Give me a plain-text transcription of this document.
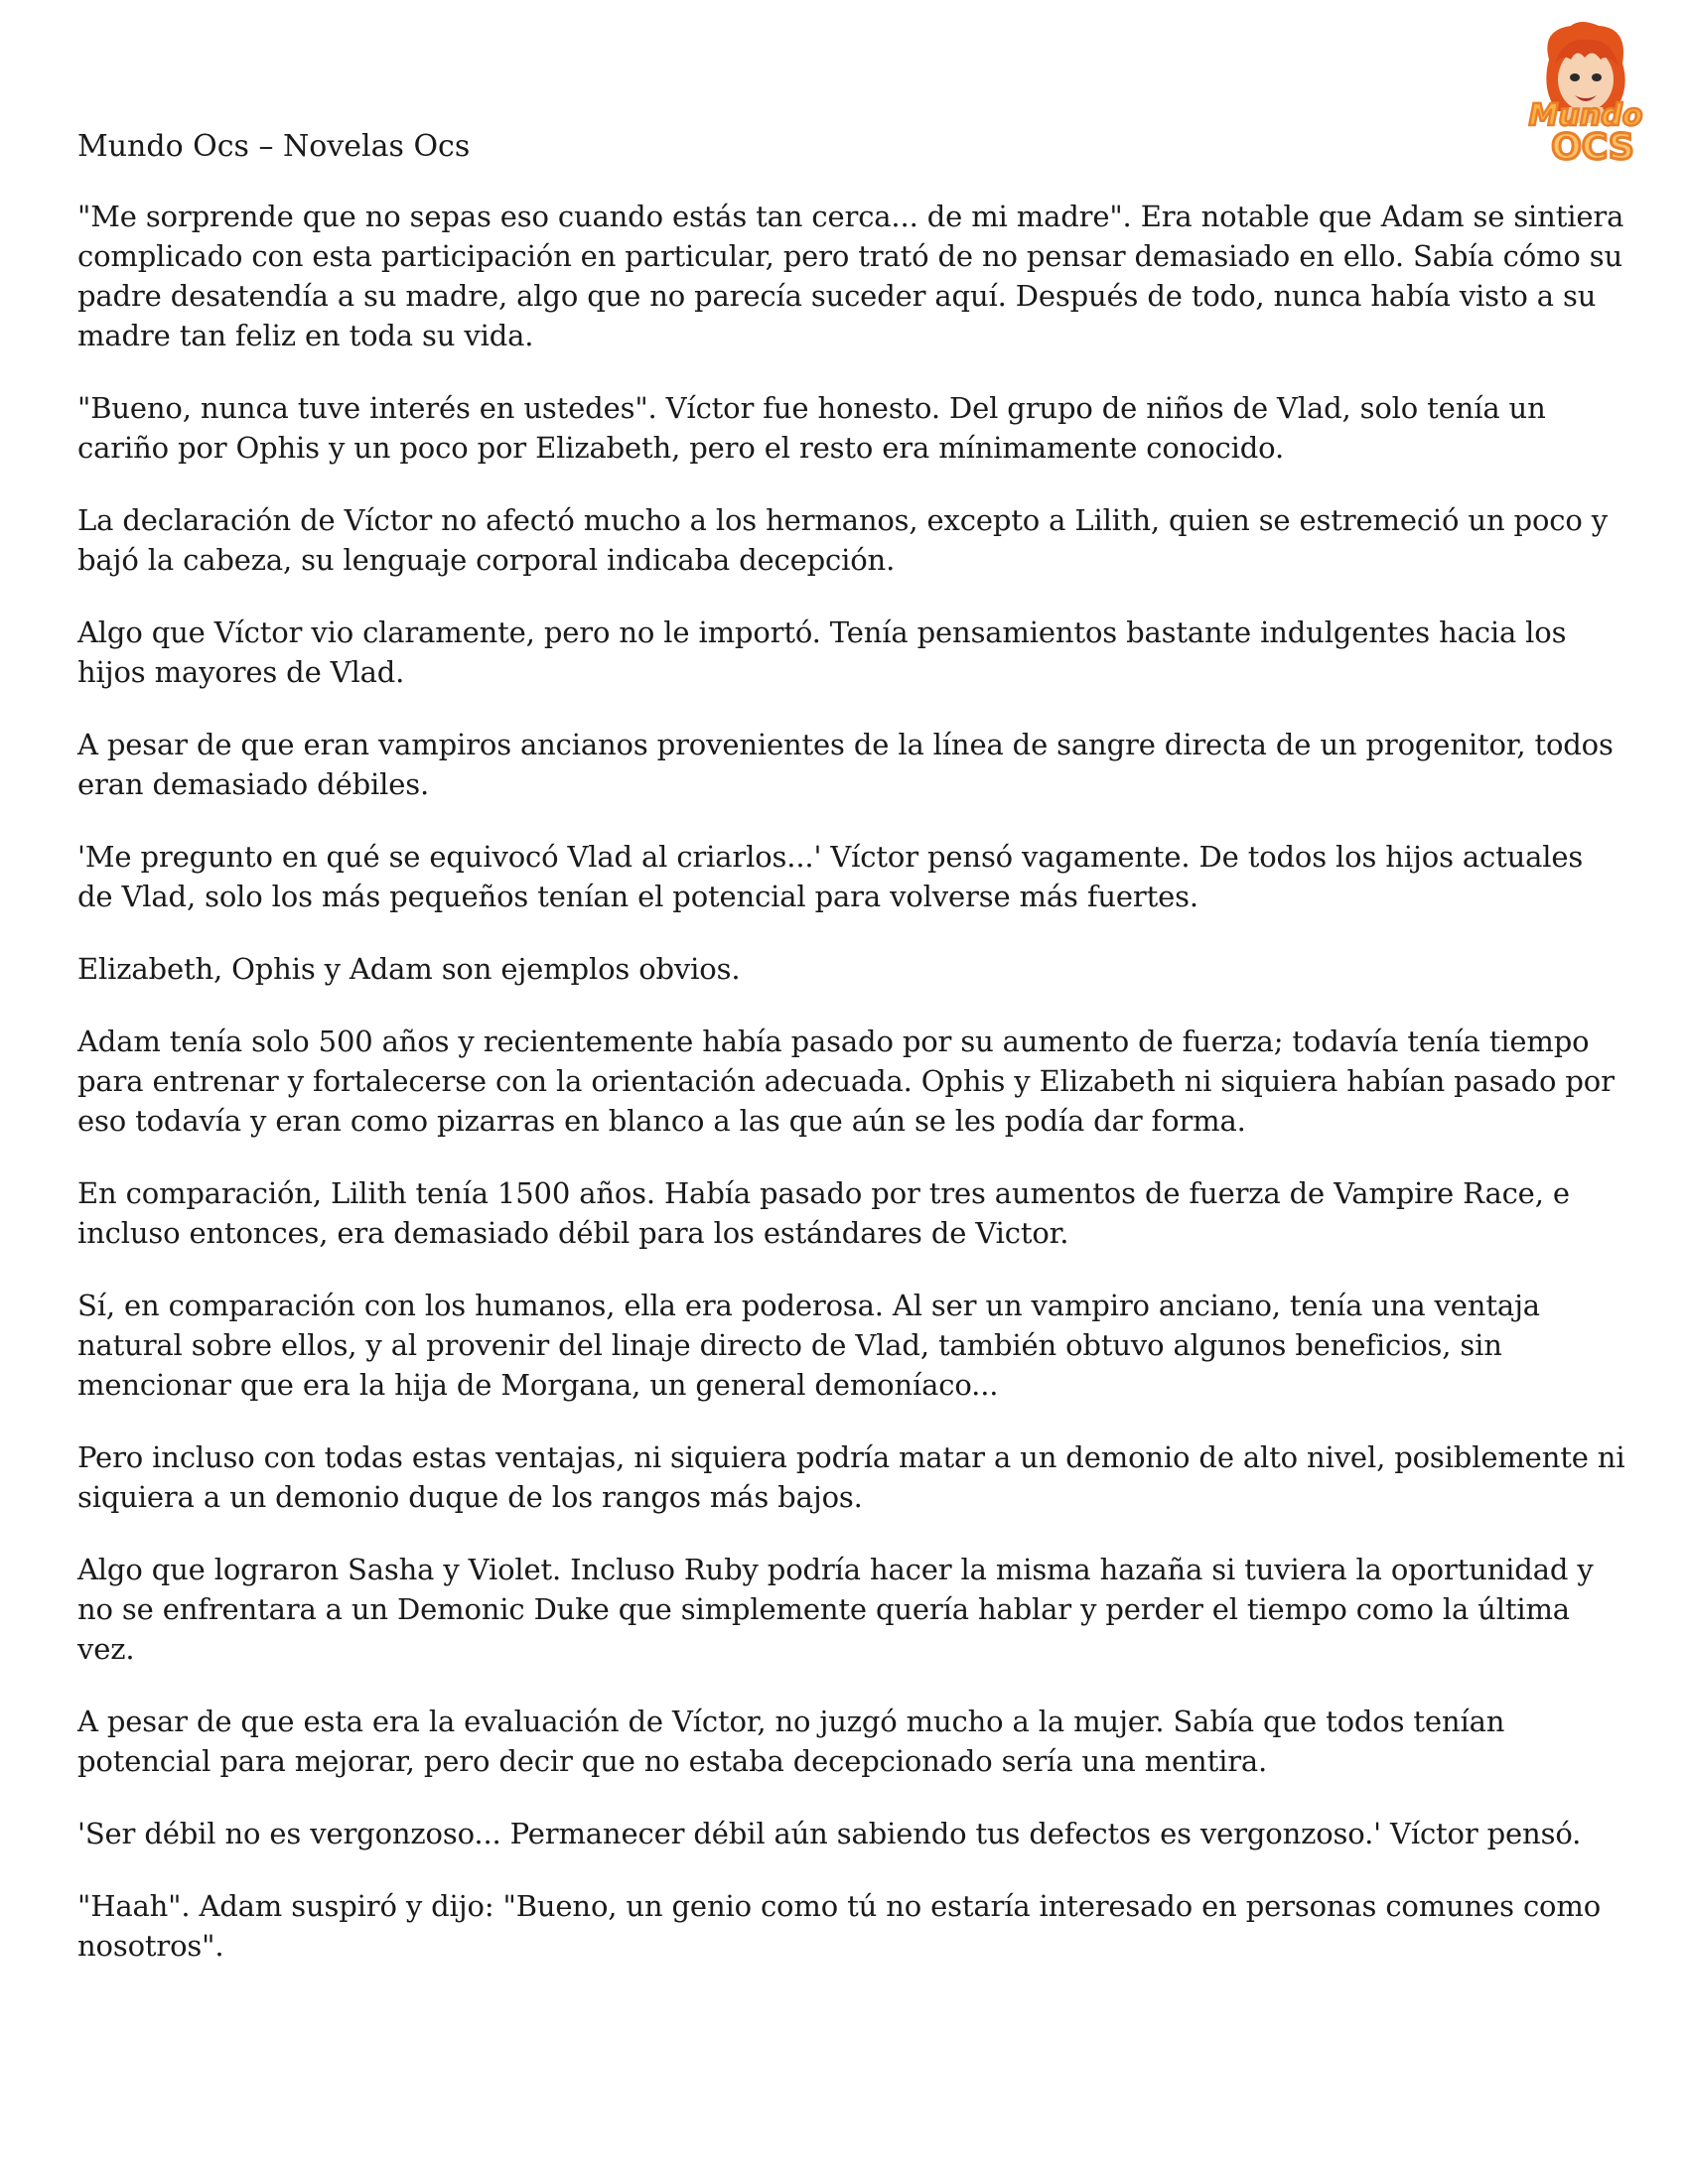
Mundo
OCS
Mundo Ocs – Novelas Ocs

"Me sorprende que no sepas eso cuando estás tan cerca... de mi madre". Era notable que Adam se sintiera complicado con esta participación en particular, pero trató de no pensar demasiado en ello. Sabía cómo su padre desatendía a su madre, algo que no parecía suceder aquí. Después de todo, nunca había visto a su madre tan feliz en toda su vida.

"Bueno, nunca tuve interés en ustedes". Víctor fue honesto. Del grupo de niños de Vlad, solo tenía un cariño por Ophis y un poco por Elizabeth, pero el resto era mínimamente conocido.

La declaración de Víctor no afectó mucho a los hermanos, excepto a Lilith, quien se estremeció un poco y bajó la cabeza, su lenguaje corporal indicaba decepción.

Algo que Víctor vio claramente, pero no le importó. Tenía pensamientos bastante indulgentes hacia los hijos mayores de Vlad.

A pesar de que eran vampiros ancianos provenientes de la línea de sangre directa de un progenitor, todos eran demasiado débiles.

'Me pregunto en qué se equivocó Vlad al criarlos...' Víctor pensó vagamente. De todos los hijos actuales de Vlad, solo los más pequeños tenían el potencial para volverse más fuertes.

Elizabeth, Ophis y Adam son ejemplos obvios.

Adam tenía solo 500 años y recientemente había pasado por su aumento de fuerza; todavía tenía tiempo para entrenar y fortalecerse con la orientación adecuada. Ophis y Elizabeth ni siquiera habían pasado por eso todavía y eran como pizarras en blanco a las que aún se les podía dar forma.

En comparación, Lilith tenía 1500 años. Había pasado por tres aumentos de fuerza de Vampire Race, e incluso entonces, era demasiado débil para los estándares de Victor.

Sí, en comparación con los humanos, ella era poderosa. Al ser un vampiro anciano, tenía una ventaja natural sobre ellos, y al provenir del linaje directo de Vlad, también obtuvo algunos beneficios, sin mencionar que era la hija de Morgana, un general demoníaco...

Pero incluso con todas estas ventajas, ni siquiera podría matar a un demonio de alto nivel, posiblemente ni siquiera a un demonio duque de los rangos más bajos.

Algo que lograron Sasha y Violet. Incluso Ruby podría hacer la misma hazaña si tuviera la oportunidad y no se enfrentara a un Demonic Duke que simplemente quería hablar y perder el tiempo como la última vez.

A pesar de que esta era la evaluación de Víctor, no juzgó mucho a la mujer. Sabía que todos tenían potencial para mejorar, pero decir que no estaba decepcionado sería una mentira.

'Ser débil no es vergonzoso... Permanecer débil aún sabiendo tus defectos es vergonzoso.' Víctor pensó.

"Haah". Adam suspiró y dijo: "Bueno, un genio como tú no estaría interesado en personas comunes como nosotros".
